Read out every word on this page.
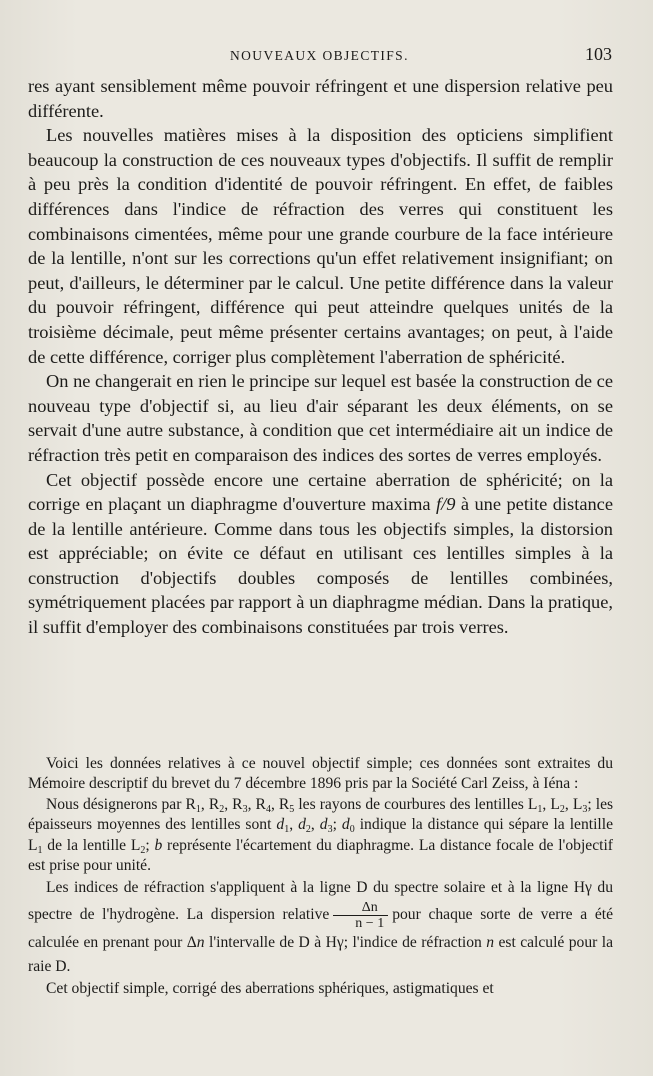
NOUVEAUX OBJECTIFS.	103

res ayant sensiblement même pouvoir réfringent et une dispersion relative peu différente.

Les nouvelles matières mises à la disposition des opticiens simplifient beaucoup la construction de ces nouveaux types d'objectifs. Il suffit de remplir à peu près la condition d'identité de pouvoir réfringent. En effet, de faibles différences dans l'indice de réfraction des verres qui constituent les combinaisons cimentées, même pour une grande courbure de la face intérieure de la lentille, n'ont sur les corrections qu'un effet relativement insignifiant; on peut, d'ailleurs, le déterminer par le calcul. Une petite différence dans la valeur du pouvoir réfringent, différence qui peut atteindre quelques unités de la troisième décimale, peut même présenter certains avantages; on peut, à l'aide de cette différence, corriger plus complètement l'aberration de sphéricité.

On ne changerait en rien le principe sur lequel est basée la construction de ce nouveau type d'objectif si, au lieu d'air séparant les deux éléments, on se servait d'une autre substance, à condition que cet intermédiaire ait un indice de réfraction très petit en comparaison des indices des sortes de verres employés.

Cet objectif possède encore une certaine aberration de sphéricité; on la corrige en plaçant un diaphragme d'ouverture maxima f/9 à une petite distance de la lentille antérieure. Comme dans tous les objectifs simples, la distorsion est appréciable; on évite ce défaut en utilisant ces lentilles simples à la construction d'objectifs doubles composés de lentilles combinées, symétriquement placées par rapport à un diaphragme médian. Dans la pratique, il suffit d'employer des combinaisons constituées par trois verres.

Voici les données relatives à ce nouvel objectif simple; ces données sont extraites du Mémoire descriptif du brevet du 7 décembre 1896 pris par la Société Carl Zeiss, à Iéna :

Nous désignerons par $R_1$, $R_2$, $R_3$, $R_4$, $R_5$ les rayons de courbures des lentilles $L_1$, $L_2$, $L_3$; les épaisseurs moyennes des lentilles sont $d_1$, $d_2$, $d_3$; $d_0$ indique la distance qui sépare la lentille $L_1$ de la lentille $L_2$; b représente l'écartement du diaphragme. La distance focale de l'objectif est prise pour unité.

Les indices de réfraction s'appliquent à la ligne D du spectre solaire et à la ligne Hγ du spectre de l'hydrogène. La dispersion relative $\frac{\Delta n}{n - 1}$ pour chaque sorte de verre a été calculée en prenant pour Δn l'intervalle de D à Hγ; l'indice de réfraction n est calculé pour la raie D.

Cet objectif simple, corrigé des aberrations sphériques, astigmatiques et
